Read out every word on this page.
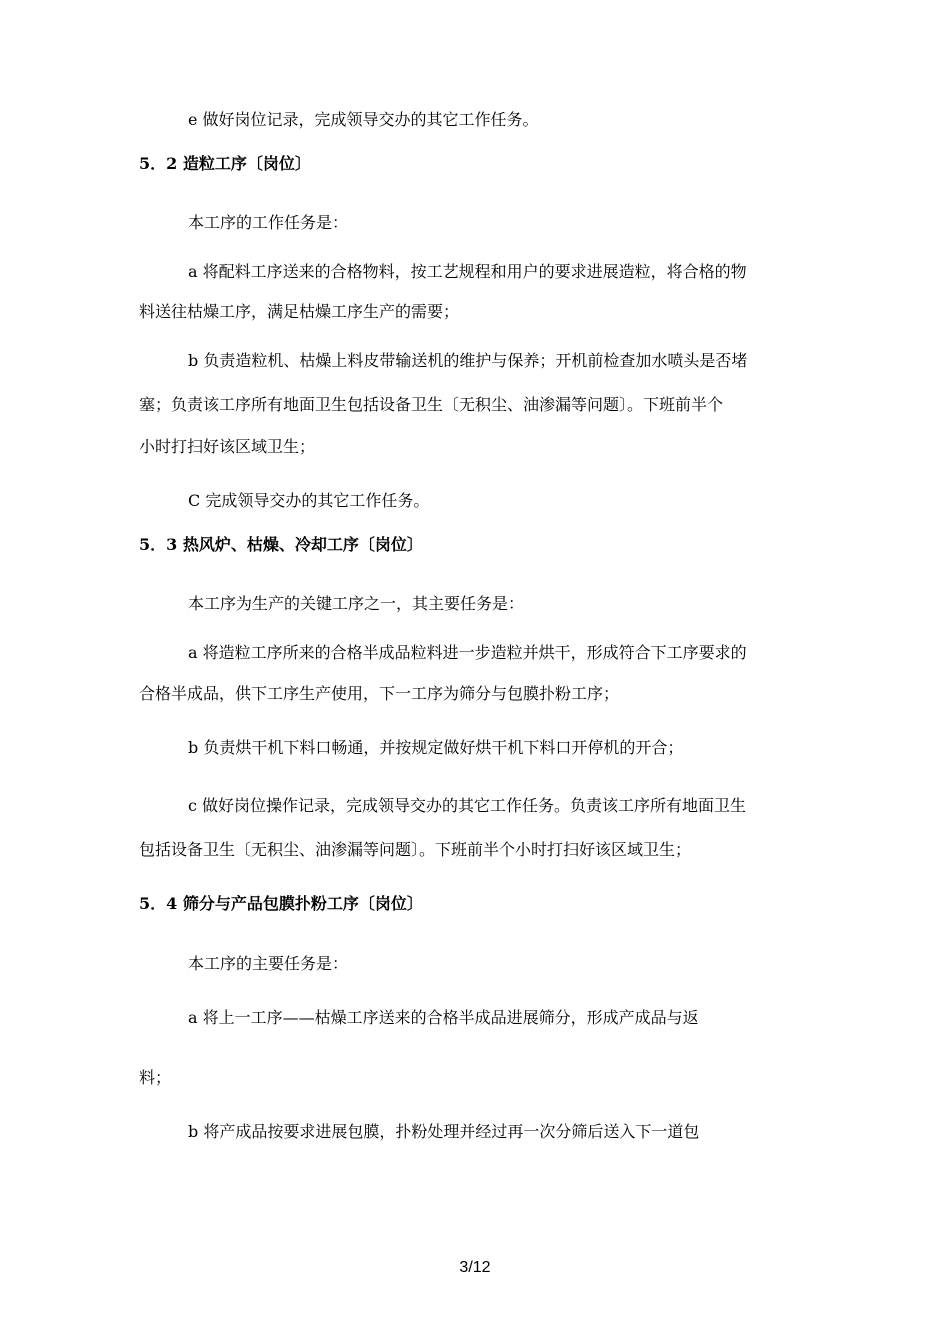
e 做好岗位记录，完成领导交办的其它工作任务。
5．2 造粒工序〔岗位〕
本工序的工作任务是：
a 将配料工序送来的合格物料，按工艺规程和用户的要求进展造粒，将合格的物
料送往枯燥工序，满足枯燥工序生产的需要；
b 负责造粒机、枯燥上料皮带输送机的维护与保养；开机前检查加水喷头是否堵
塞；负责该工序所有地面卫生包括设备卫生〔无积尘、油渗漏等问题〕。下班前半个
小时打扫好该区域卫生；
C 完成领导交办的其它工作任务。
5．3 热风炉、枯燥、冷却工序〔岗位〕
本工序为生产的关键工序之一，其主要任务是：
a 将造粒工序所来的合格半成品粒料进一步造粒并烘干，形成符合下工序要求的
合格半成品，供下工序生产使用，下一工序为筛分与包膜扑粉工序；
b 负责烘干机下料口畅通，并按规定做好烘干机下料口开停机的开合；
c 做好岗位操作记录，完成领导交办的其它工作任务。负责该工序所有地面卫生
包括设备卫生〔无积尘、油渗漏等问题〕。下班前半个小时打扫好该区域卫生；
5．4 筛分与产品包膜扑粉工序〔岗位〕
本工序的主要任务是：
a 将上一工序——枯燥工序送来的合格半成品进展筛分，形成产成品与返
料；
b 将产成品按要求进展包膜，扑粉处理并经过再一次分筛后送入下一道包
3/12
